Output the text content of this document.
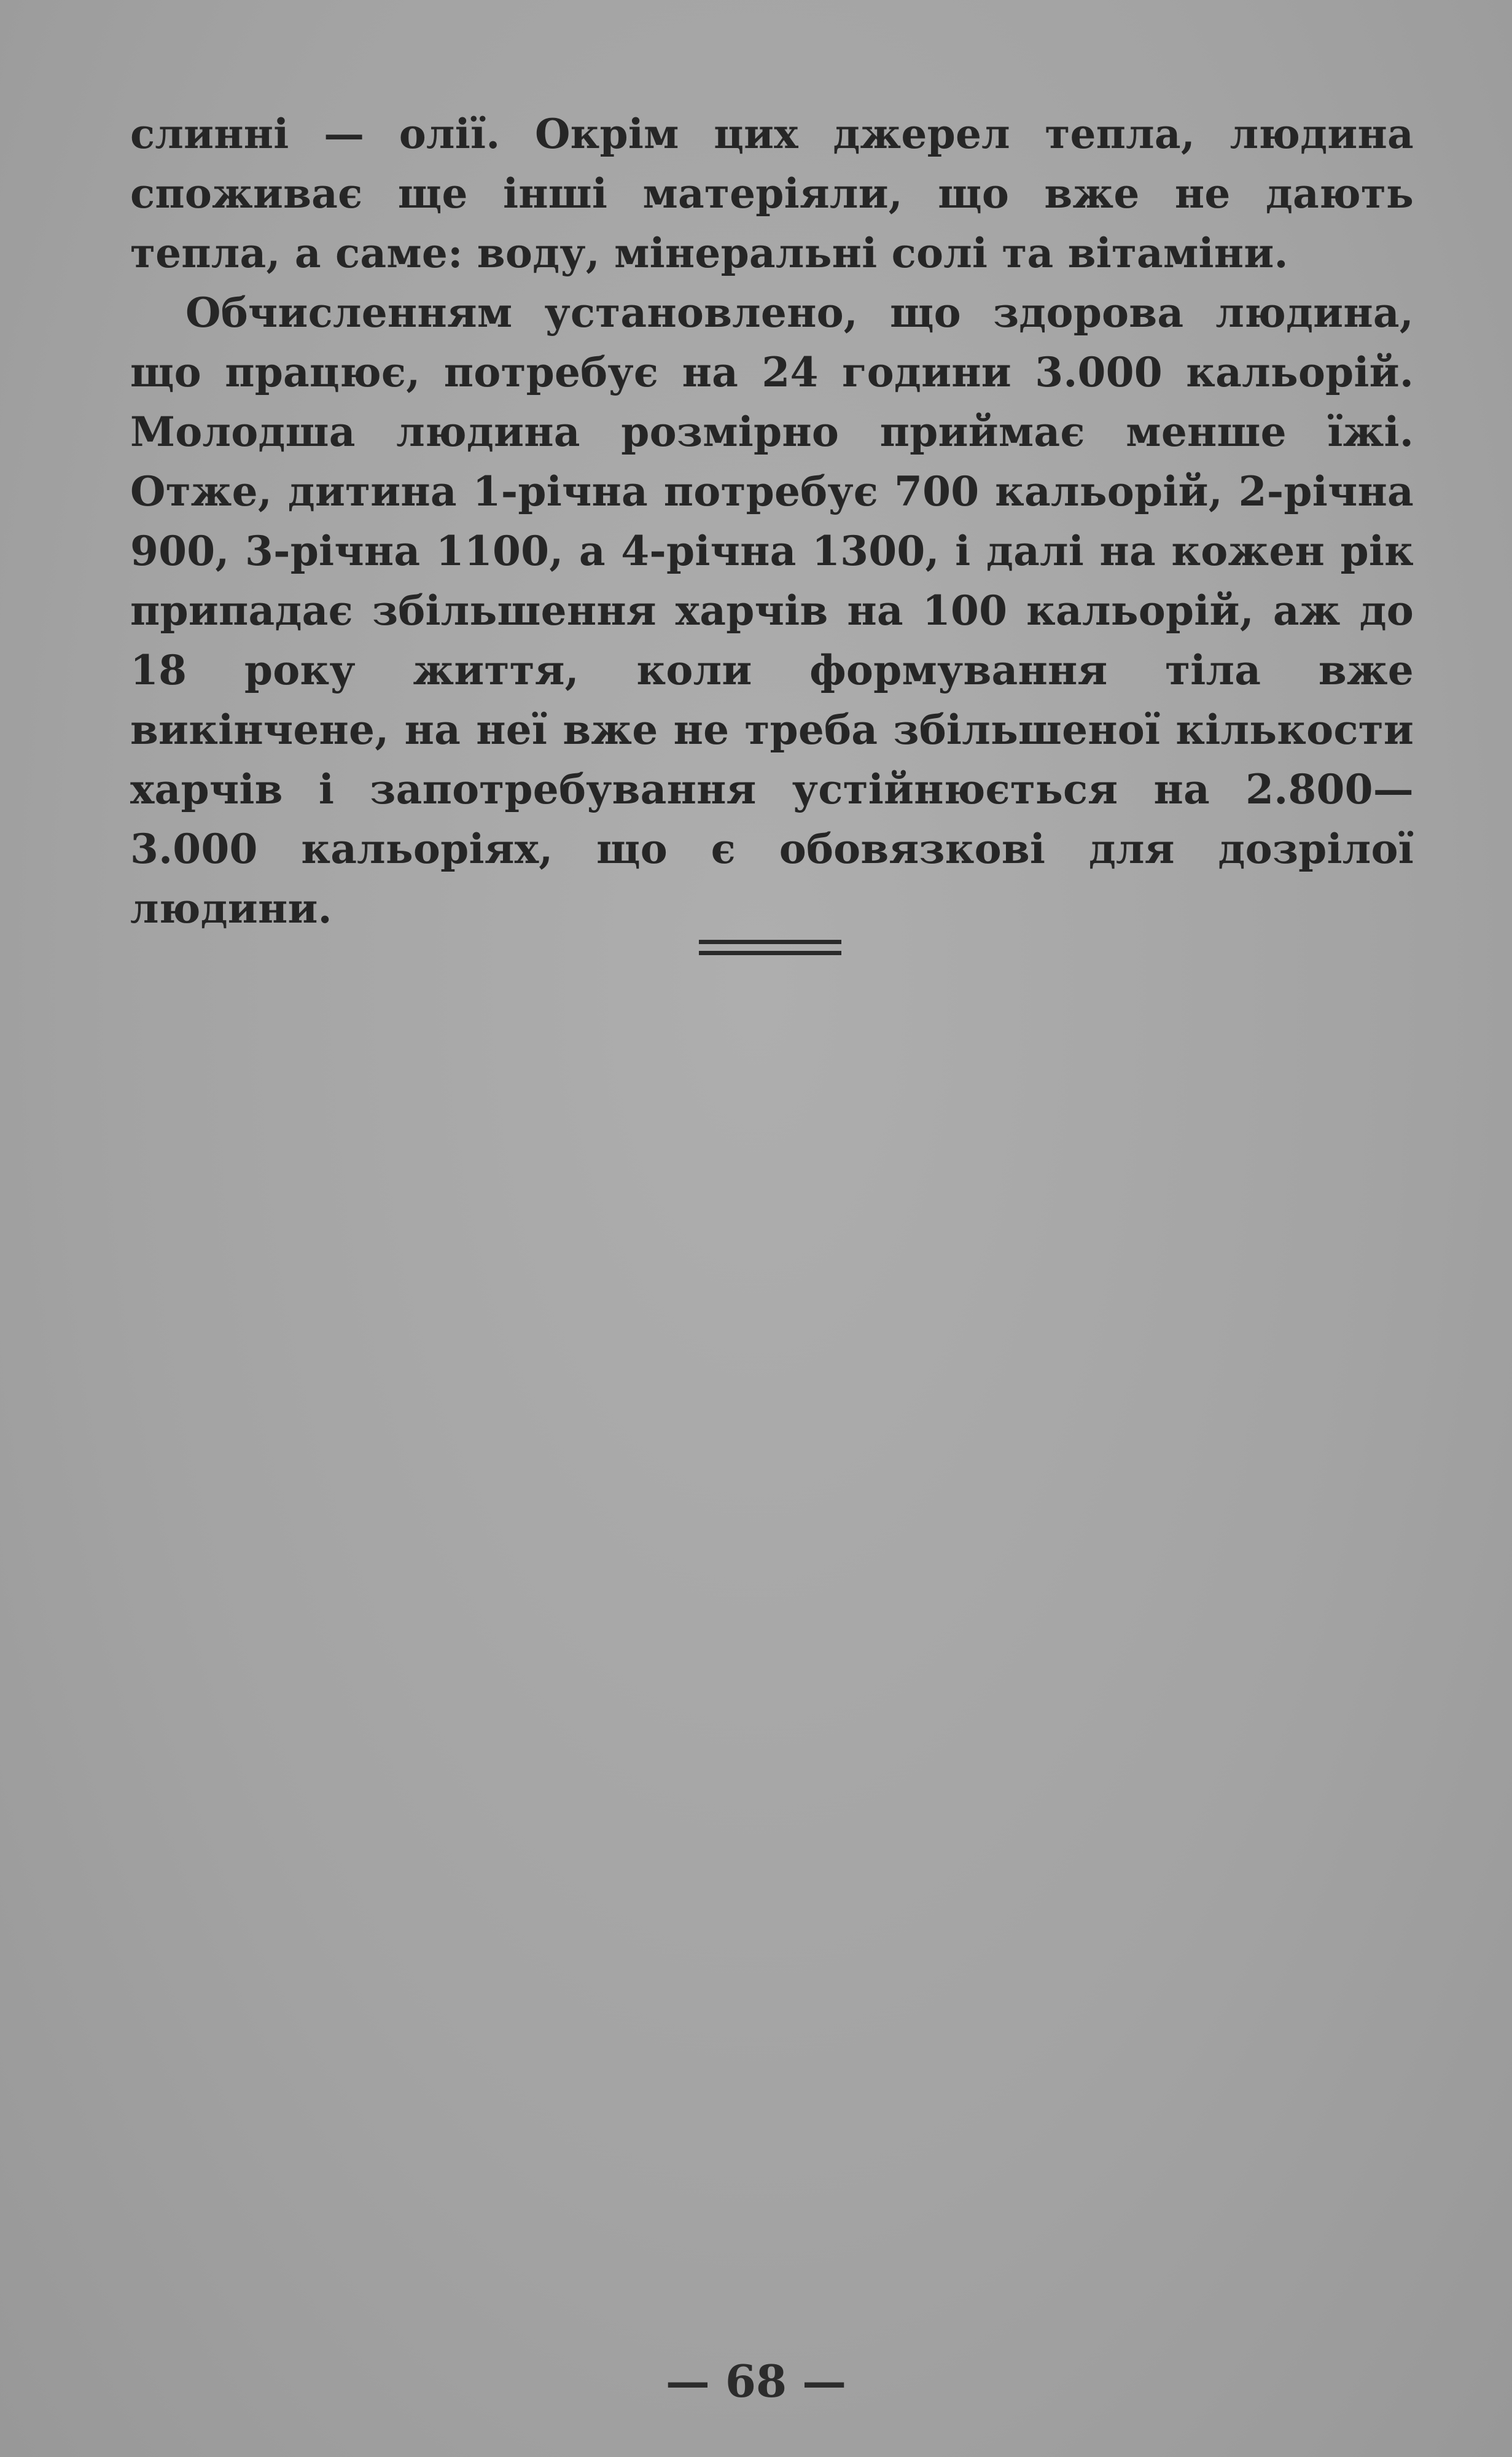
слинні — олії. Окрім цих джерел тепла, людина споживає ще інші матеріяли, що вже не дають тепла, а саме: воду, мінеральні солі та вітаміни.

Обчисленням установлено, що здорова людина, що працює, потребує на 24 години 3.000 кальорій. Молодша людина розмірно приймає менше їжі. Отже, дитина 1-річна потребує 700 кальорій, 2-річна 900, 3-річна 1100, а 4-річна 1300, і далі на кожен рік припадає збільшення харчів на 100 кальорій, аж до 18 року життя, коли формування тіла вже викінчене, на неї вже не треба збільшеної кількости харчів і запотребування устійнюється на 2.800—3.000 кальоріях, що є обовязкові для дозрілої людини.

— 68 —
